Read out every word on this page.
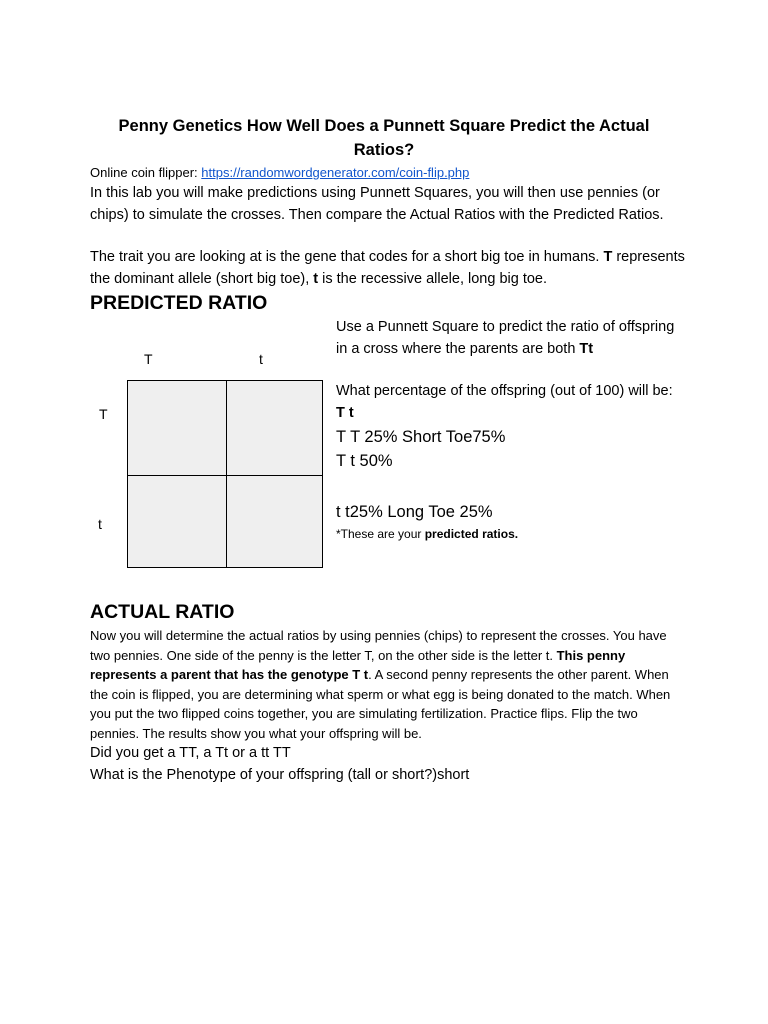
Penny Genetics How Well Does a Punnett Square Predict the Actual Ratios?
Online coin flipper: https://randomwordgenerator.com/coin-flip.php
In this lab you will make predictions using Punnett Squares, you will then use pennies (or chips) to simulate the crosses. Then compare the Actual Ratios with the Predicted Ratios.
The trait you are looking at is the gene that codes for a short big toe in humans. T represents the dominant allele (short big toe), t is the recessive allele, long big toe.
PREDICTED RATIO
T	t
T
t
Use a Punnett Square to predict the ratio of offspring in a cross where the parents are both Tt
What percentage of the offspring (out of 100) will be: T t
T T 25% Short Toe75%
T t 50%
t t25% Long Toe 25%
*These are your predicted ratios.
ACTUAL RATIO
Now you will determine the actual ratios by using pennies (chips) to represent the crosses. You have two pennies. One side of the penny is the letter T, on the other side is the letter t. This penny represents a parent that has the genotype T t. A second penny represents the other parent. When the coin is flipped, you are determining what sperm or what egg is being donated to the match. When you put the two flipped coins together, you are simulating fertilization. Practice flips. Flip the two pennies. The results show you what your offspring will be.
Did you get a TT, a Tt or a tt TT
What is the Phenotype of your offspring (tall or short?)short
